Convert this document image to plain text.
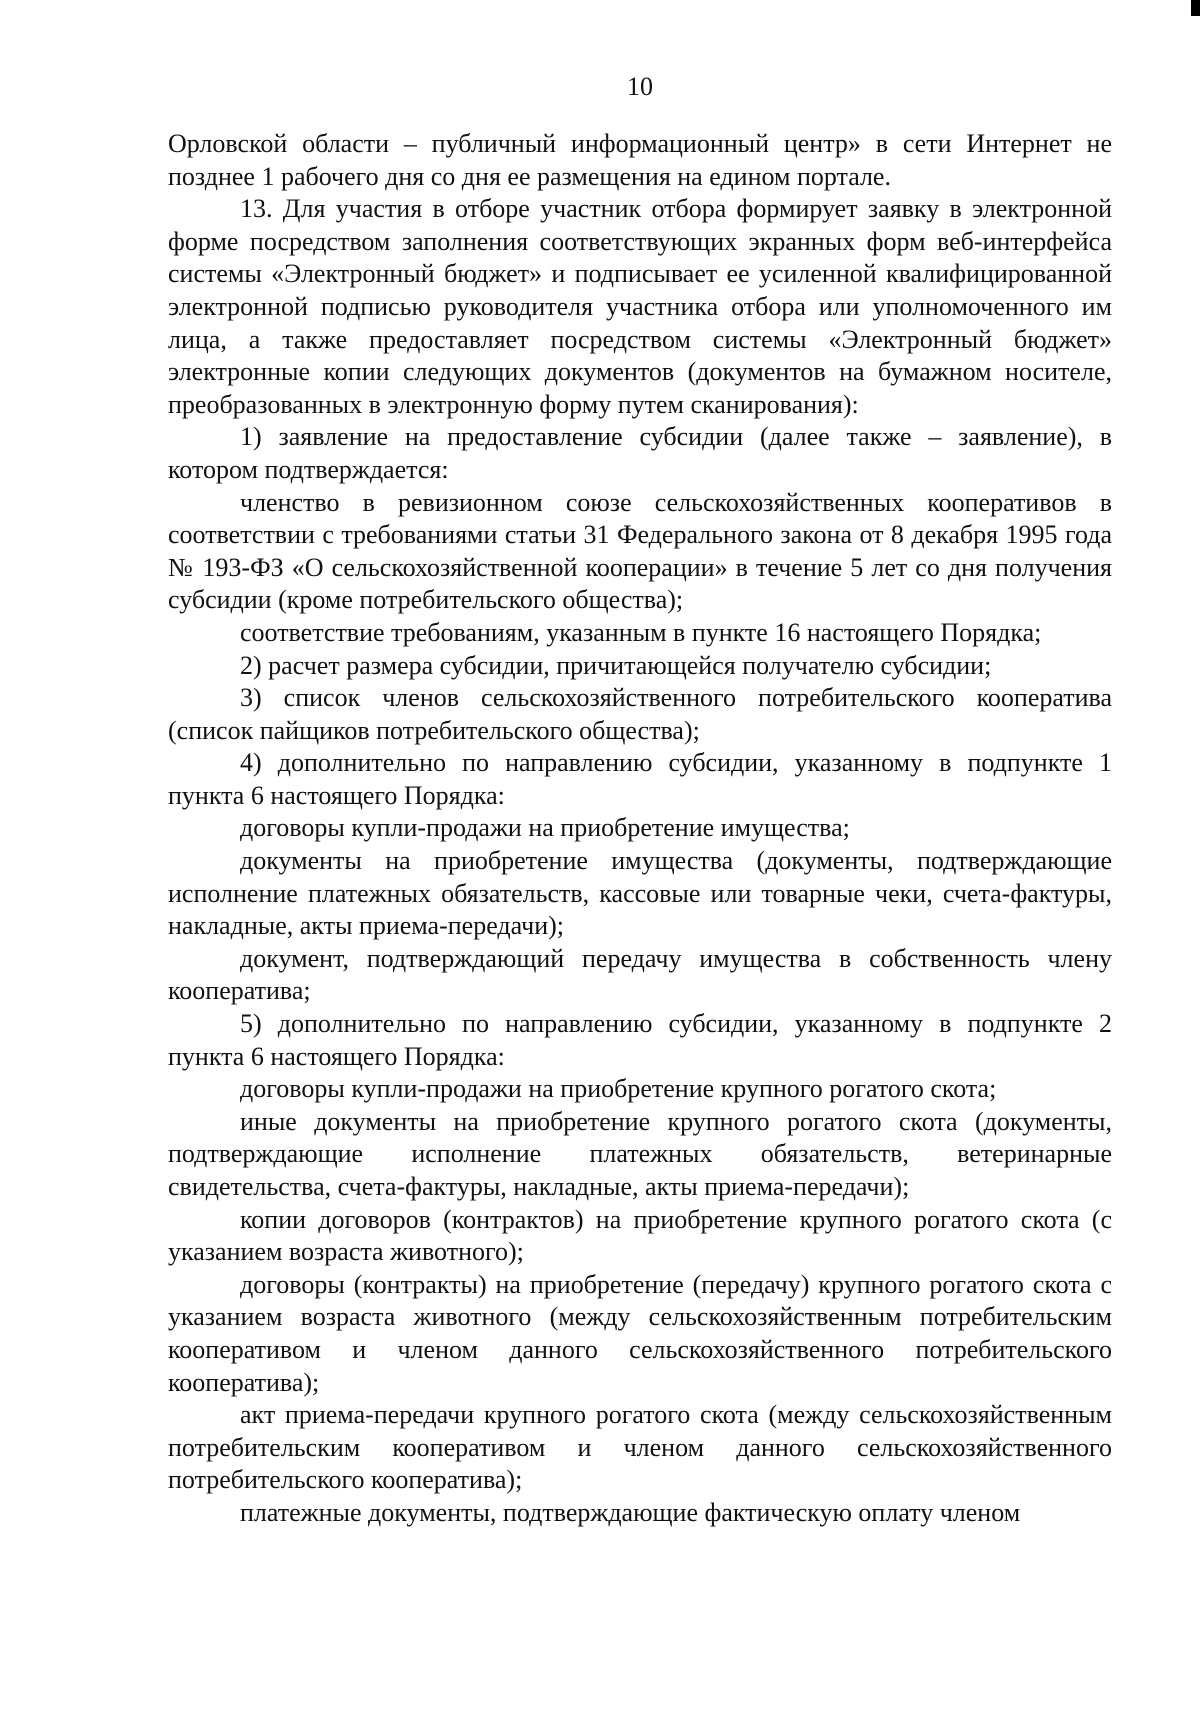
10

Орловской области – публичный информационный центр» в сети Интернет не позднее 1 рабочего дня со дня ее размещения на едином портале.

13. Для участия в отборе участник отбора формирует заявку в электронной форме посредством заполнения соответствующих экранных форм веб-интерфейса системы «Электронный бюджет» и подписывает ее усиленной квалифицированной электронной подписью руководителя участника отбора или уполномоченного им лица, а также предоставляет посредством системы «Электронный бюджет» электронные копии следующих документов (документов на бумажном носителе, преобразованных в электронную форму путем сканирования):

1) заявление на предоставление субсидии (далее также – заявление), в котором подтверждается:

членство в ревизионном союзе сельскохозяйственных кооперативов в соответствии с требованиями статьи 31 Федерального закона от 8 декабря 1995 года № 193-ФЗ «О сельскохозяйственной кооперации» в течение 5 лет со дня получения субсидии (кроме потребительского общества);

соответствие требованиям, указанным в пункте 16 настоящего Порядка;

2) расчет размера субсидии, причитающейся получателю субсидии;

3) список членов сельскохозяйственного потребительского кооператива (список пайщиков потребительского общества);

4) дополнительно по направлению субсидии, указанному в подпункте 1 пункта 6 настоящего Порядка:

договоры купли-продажи на приобретение имущества;

документы на приобретение имущества (документы, подтверждающие исполнение платежных обязательств, кассовые или товарные чеки, счета-фактуры, накладные, акты приема-передачи);

документ, подтверждающий передачу имущества в собственность члену кооператива;

5) дополнительно по направлению субсидии, указанному в подпункте 2 пункта 6 настоящего Порядка:

договоры купли-продажи на приобретение крупного рогатого скота;

иные документы на приобретение крупного рогатого скота (документы, подтверждающие исполнение платежных обязательств, ветеринарные свидетельства, счета-фактуры, накладные, акты приема-передачи);

копии договоров (контрактов) на приобретение крупного рогатого скота (с указанием возраста животного);

договоры (контракты) на приобретение (передачу) крупного рогатого скота с указанием возраста животного (между сельскохозяйственным потребительским кооперативом и членом данного сельскохозяйственного потребительского кооператива);

акт приема-передачи крупного рогатого скота (между сельскохозяйственным потребительским кооперативом и членом данного сельскохозяйственного потребительского кооператива);

платежные документы, подтверждающие фактическую оплату членом
